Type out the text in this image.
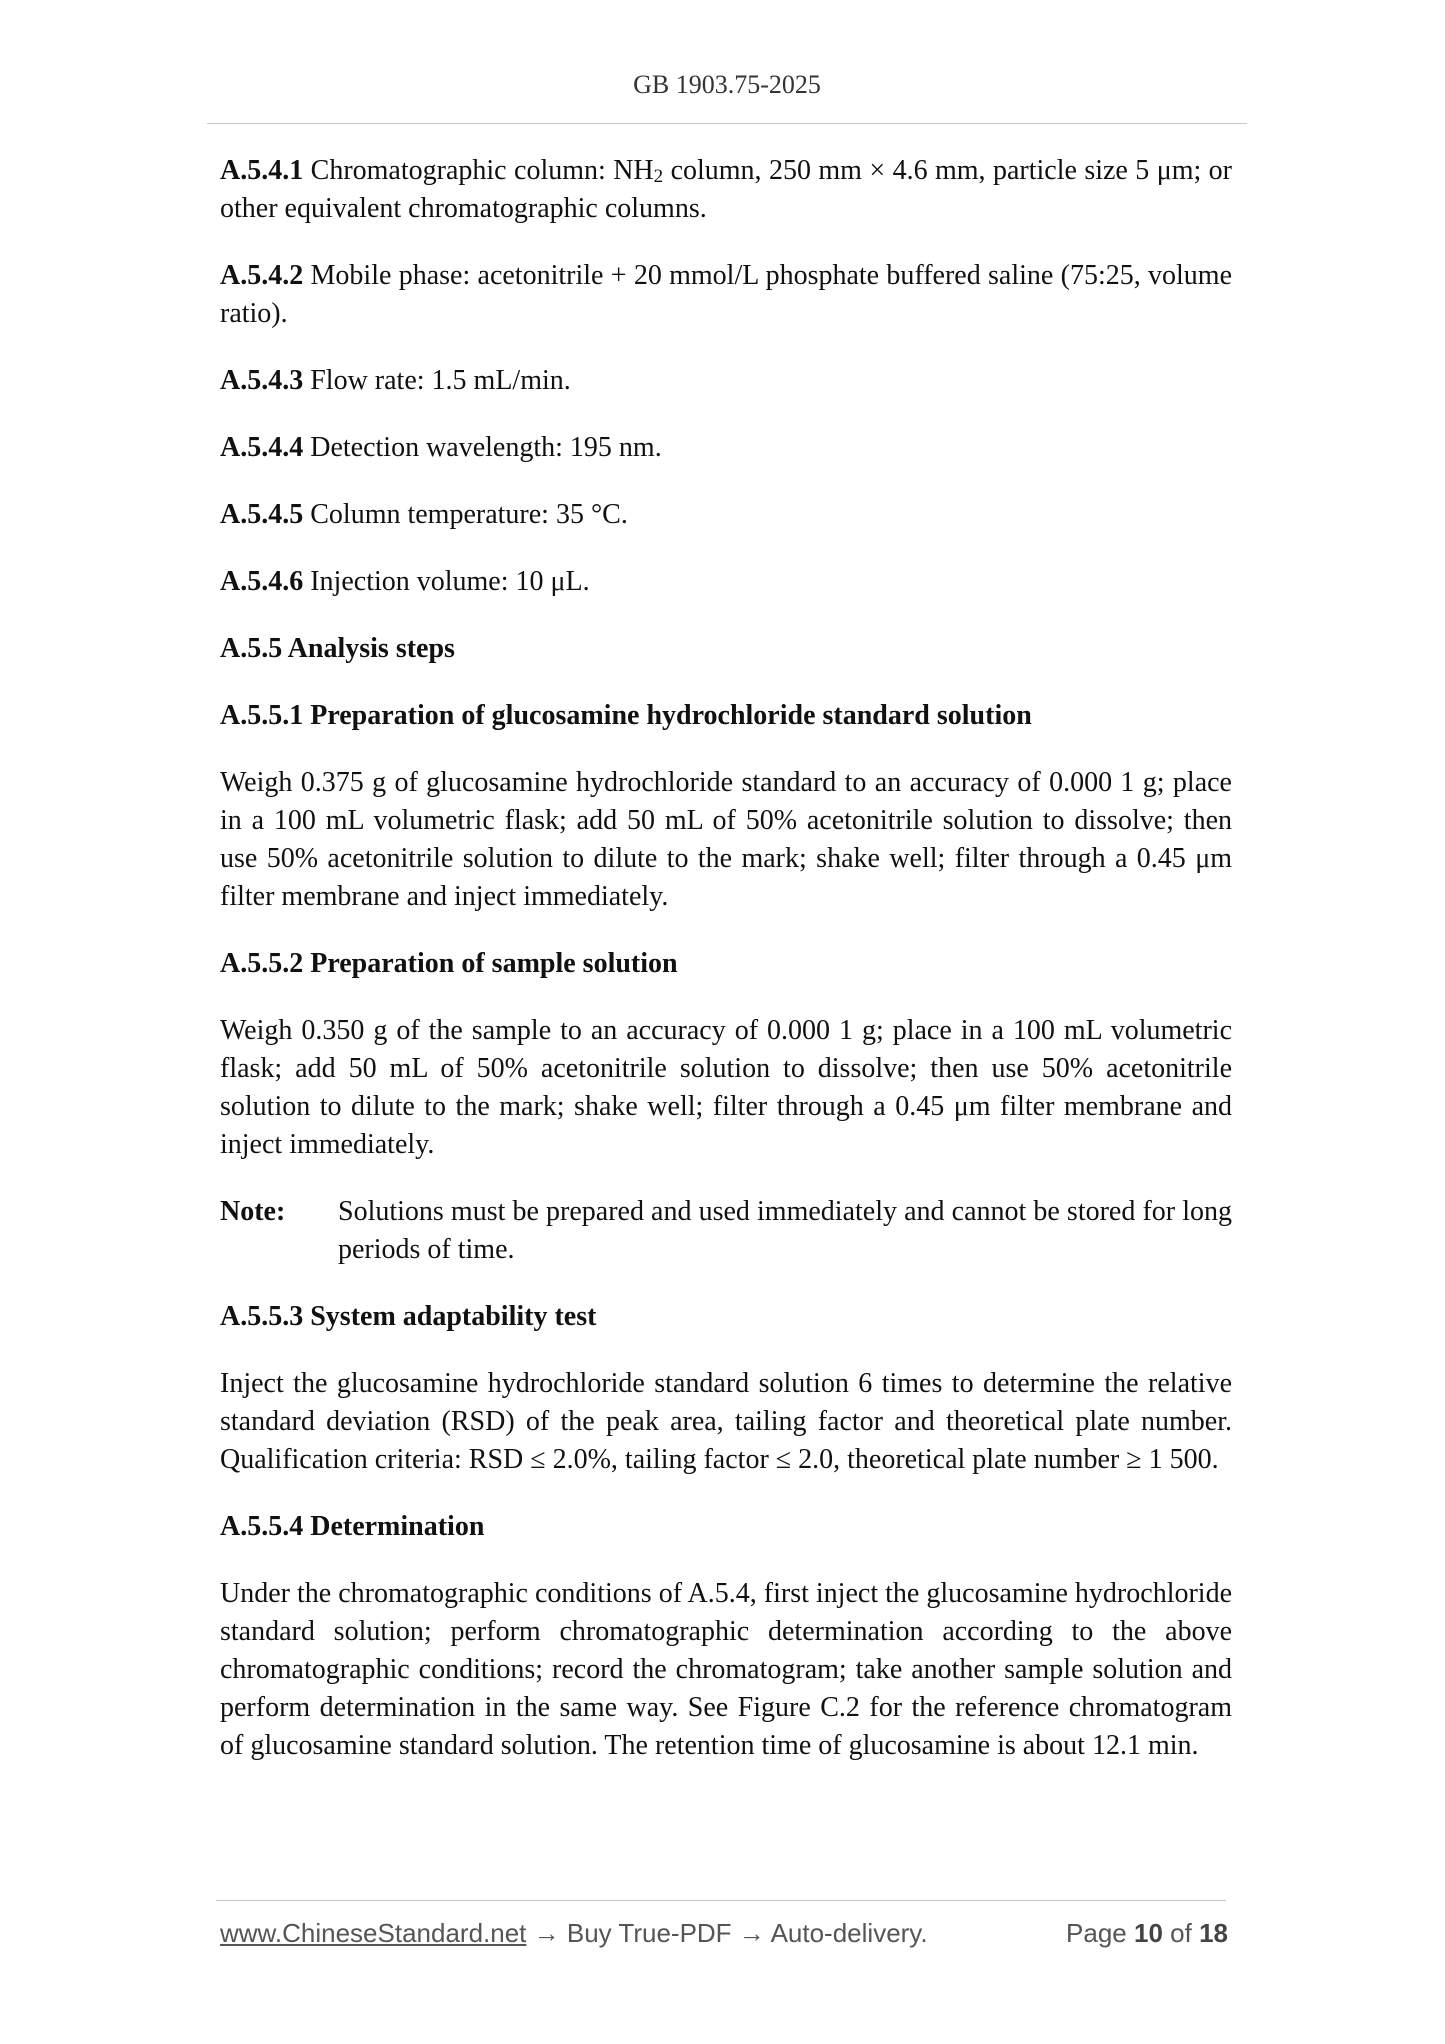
GB 1903.75-2025

A.5.4.1 Chromatographic column: $NH_2$ column, 250 mm × 4.6 mm, particle size 5 μm; or other equivalent chromatographic columns.

A.5.4.2 Mobile phase: acetonitrile + 20 mmol/L phosphate buffered saline (75:25, volume ratio).

A.5.4.3 Flow rate: 1.5 mL/min.

A.5.4.4 Detection wavelength: 195 nm.

A.5.4.5 Column temperature: 35 °C.

A.5.4.6 Injection volume: 10 μL.

A.5.5 Analysis steps

A.5.5.1 Preparation of glucosamine hydrochloride standard solution

Weigh 0.375 g of glucosamine hydrochloride standard to an accuracy of 0.000 1 g; place in a 100 mL volumetric flask; add 50 mL of 50% acetonitrile solution to dissolve; then use 50% acetonitrile solution to dilute to the mark; shake well; filter through a 0.45 μm filter membrane and inject immediately.

A.5.5.2 Preparation of sample solution

Weigh 0.350 g of the sample to an accuracy of 0.000 1 g; place in a 100 mL volumetric flask; add 50 mL of 50% acetonitrile solution to dissolve; then use 50% acetonitrile solution to dilute to the mark; shake well; filter through a 0.45 μm filter membrane and inject immediately.

Note:	Solutions must be prepared and used immediately and cannot be stored for long periods of time.

A.5.5.3 System adaptability test

Inject the glucosamine hydrochloride standard solution 6 times to determine the relative standard deviation (RSD) of the peak area, tailing factor and theoretical plate number. Qualification criteria: RSD ≤ 2.0%, tailing factor ≤ 2.0, theoretical plate number ≥ 1 500.

A.5.5.4 Determination

Under the chromatographic conditions of A.5.4, first inject the glucosamine hydrochloride standard solution; perform chromatographic determination according to the above chromatographic conditions; record the chromatogram; take another sample solution and perform determination in the same way. See Figure C.2 for the reference chromatogram of glucosamine standard solution. The retention time of glucosamine is about 12.1 min.

www.ChineseStandard.net → Buy True-PDF → Auto-delivery.	Page 10 of 18
